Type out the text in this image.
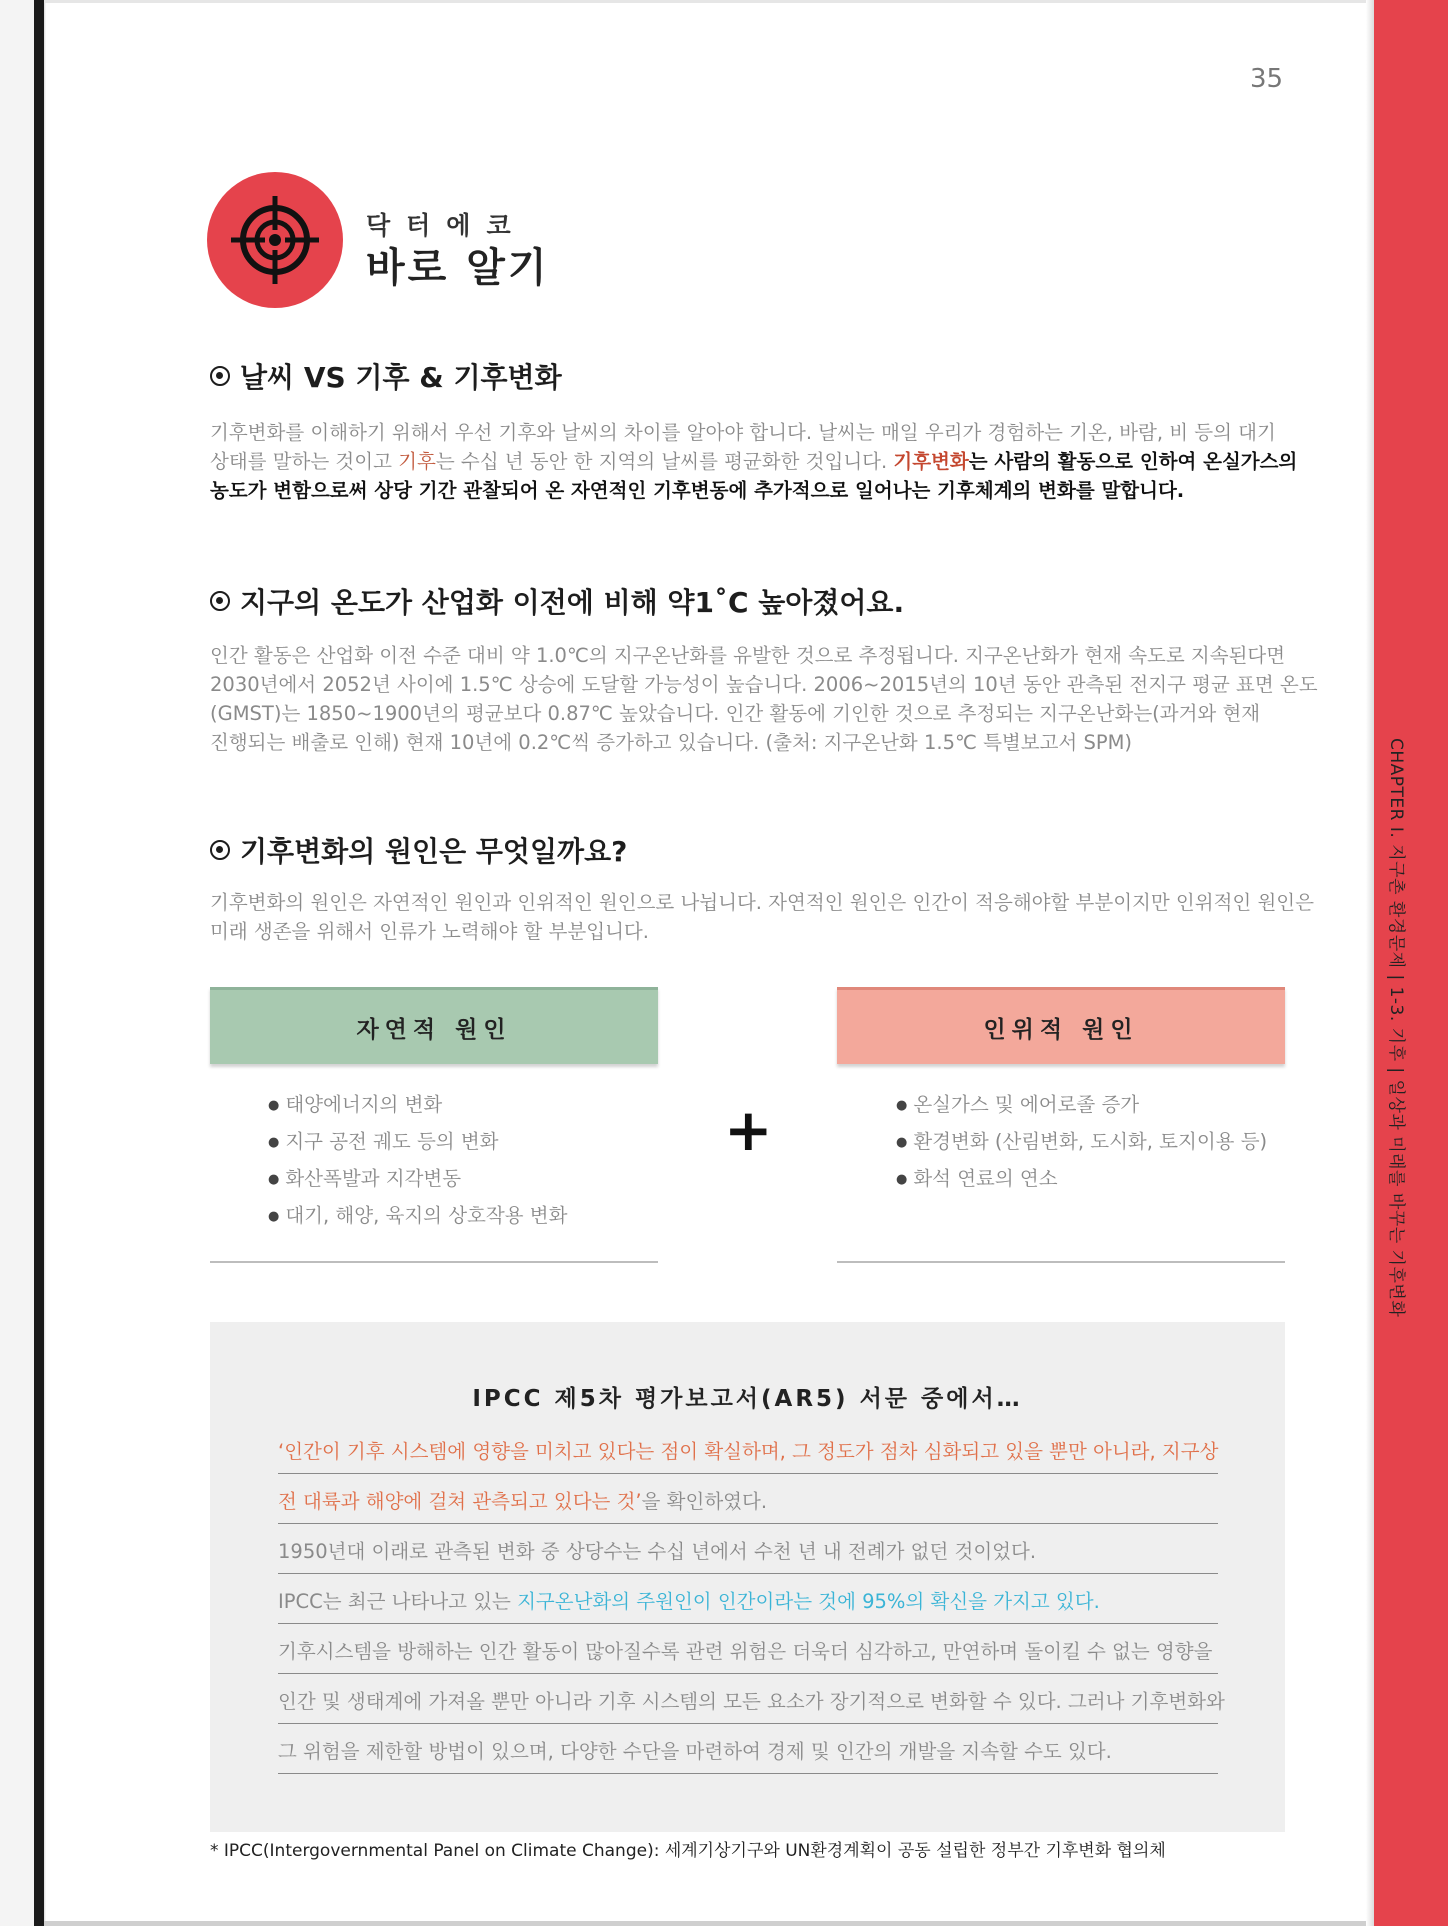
CHAPTER I. 지구촌 환경문제 | 1-3. 기후 | 일상과 미래를 바꾸는 기후변화
35
닥터에코
바로 알기
날씨 VS 기후 & 기후변화
기후변화를 이해하기 위해서 우선 기후와 날씨의 차이를 알아야 합니다. 날씨는 매일 우리가 경험하는 기온, 바람, 비 등의 대기
상태를 말하는 것이고 기후는 수십 년 동안 한 지역의 날씨를 평균화한 것입니다. 기후변화는 사람의 활동으로 인하여 온실가스의
농도가 변함으로써 상당 기간 관찰되어 온 자연적인 기후변동에 추가적으로 일어나는 기후체계의 변화를 말합니다.
지구의 온도가 산업화 이전에 비해 약1˚C 높아졌어요.
인간 활동은 산업화 이전 수준 대비 약 1.0℃의 지구온난화를 유발한 것으로 추정됩니다. 지구온난화가 현재 속도로 지속된다면
2030년에서 2052년 사이에 1.5℃ 상승에 도달할 가능성이 높습니다. 2006~2015년의 10년 동안 관측된 전지구 평균 표면 온도
(GMST)는 1850~1900년의 평균보다 0.87℃ 높았습니다. 인간 활동에 기인한 것으로 추정되는 지구온난화는(과거와 현재
진행되는 배출로 인해) 현재 10년에 0.2℃씩 증가하고 있습니다. (출처: 지구온난화 1.5℃ 특별보고서 SPM)
기후변화의 원인은 무엇일까요?
기후변화의 원인은 자연적인 원인과 인위적인 원인으로 나뉩니다. 자연적인 원인은 인간이 적응해야할 부분이지만 인위적인 원인은
미래 생존을 위해서 인류가 노력해야 할 부분입니다.
자연적 원인	인위적 원인
● 태양에너지의 변화
● 지구 공전 궤도 등의 변화
● 화산폭발과 지각변동
● 대기, 해양, 육지의 상호작용 변화
+	● 온실가스 및 에어로졸 증가
● 환경변화 (산림변화, 도시화, 토지이용 등)
● 화석 연료의 연소
IPCC 제5차 평가보고서(AR5) 서문 중에서…
‘인간이 기후 시스템에 영향을 미치고 있다는 점이 확실하며, 그 정도가 점차 심화되고 있을 뿐만 아니라, 지구상
전 대륙과 해양에 걸쳐 관측되고 있다는 것’을 확인하였다.
1950년대 이래로 관측된 변화 중 상당수는 수십 년에서 수천 년 내 전례가 없던 것이었다.
IPCC는 최근 나타나고 있는 지구온난화의 주원인이 인간이라는 것에 95%의 확신을 가지고 있다.
기후시스템을 방해하는 인간 활동이 많아질수록 관련 위험은 더욱더 심각하고, 만연하며 돌이킬 수 없는 영향을
인간 및 생태계에 가져올 뿐만 아니라 기후 시스템의 모든 요소가 장기적으로 변화할 수 있다. 그러나 기후변화와
그 위험을 제한할 방법이 있으며, 다양한 수단을 마련하여 경제 및 인간의 개발을 지속할 수도 있다.
* IPCC(Intergovernmental Panel on Climate Change): 세계기상기구와 UN환경계획이 공동 설립한 정부간 기후변화 협의체
